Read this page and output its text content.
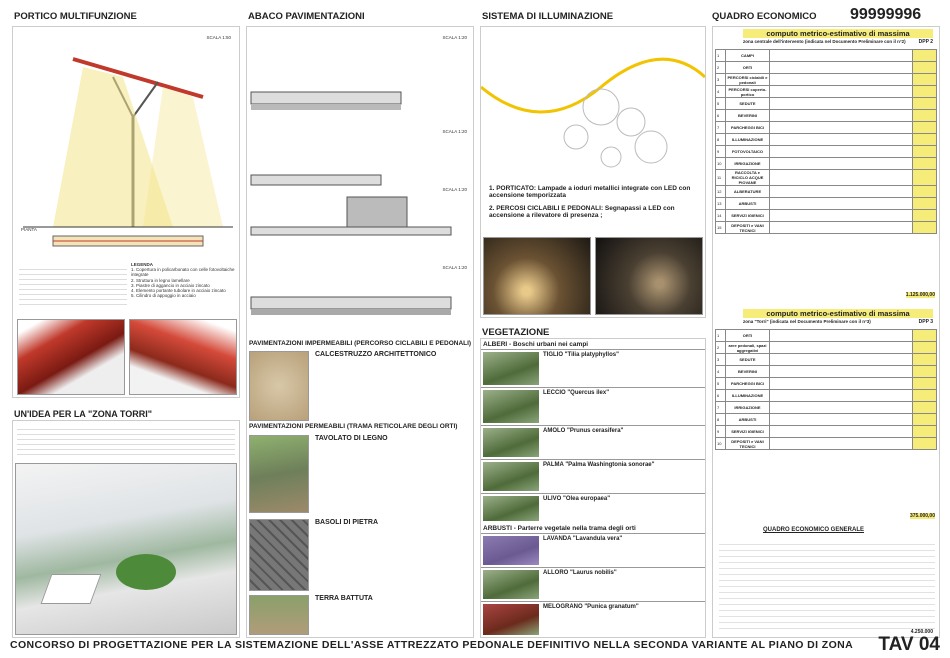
PORTICO MULTIFUNZIONE	ABACO PAVIMENTAZIONI	SISTEMA DI ILLUMINAZIONE	QUADRO ECONOMICO 99999996
SCALA 1:50
PIANTA
LEGENDA
1. Copertura in policarbonato con celle fotovoltaiche integrate
2. Struttura in legno lamellare
3. Piastre di aggancio in acciaio zincato
4. Elemento portante tubolare in acciaio zincato
5. Cilindro di appoggio in acciaio
UN'IDEA PER LA "ZONA TORRI"
SCALA 1:20
SCALA 1:20
SCALA 1:20
SCALA 1:20
PAVIMENTAZIONI IMPERMEABILI (PERCORSO CICLABILI E PEDONALI)
CALCESTRUZZO ARCHITETTONICO
PAVIMENTAZIONI PERMEABILI (TRAMA RETICOLARE DEGLI ORTI)
TAVOLATO DI LEGNO
BASOLI DI PIETRA
TERRA BATTUTA
1. PORTICATO: Lampade a ioduri metallici integrate con LED con accensione temporizzata
2. PERCOSI CICLABILI E PEDONALI: Segnapassi a LED con accensione a rilevatore di presenza ;
VEGETAZIONE
ALBERI - Boschi urbani nei campi
TIGLIO "Tilia platyphyllos"
LECCIO "Quercus ilex"
AMOLO "Prunus cerasifera"
PALMA "Palma Washingtonia sonorae"
ULIVO "Olea europaea"
ARBUSTI - Parterre vegetale nella trama degli orti
LAVANDA "Lavandula vera"
ALLORO "Laurus nobilis"
MELOGRANO "Punica granatum"
computo metrico-estimativo di massima
zona centrale dell'intervento (indicata nel Documento Preliminare con il n°2)	DPP 2
1	CAMPI		
2	ORTI		
3	PERCORSI ciclabili e pedonali		
4	PERCORSI coperto-portico		
5	SEDUTE		
6	BEVERINI		
7	PARCHEGGI BICI		
8	ILLUMINAZIONE		
9	FOTOVOLTAICO		
10	IRRIGAZIONE		
11	RACCOLTA e RICICLO ACQUE PIOVANE		
12	ALBERATURE		
13	ARBUSTI		
14	SERVIZI IGIENICI		
15	DEPOSITI e VANI TECNICI		
1.125.000,00
computo metrico-estimativo di massima
zona "Torri" (indicata nel Documento Preliminare con il n°3)	DPP 3
1	ORTI		
2	aree pedonali, spazi aggregativi		
3	SEDUTE		
4	BEVERINI		
5	PARCHEGGI BICI		
6	ILLUMINAZIONE		
7	IRRIGAZIONE		
8	ARBUSTI		
9	SERVIZI IGIENICI		
10	DEPOSITI e VANI TECNICI		
375.000,00
QUADRO ECONOMICO GENERALE
4.250.000
CONCORSO DI PROGETTAZIONE PER LA SISTEMAZIONE DELL'ASSE ATTREZZATO PEDONALE DEFINITIVO NELLA SECONDA VARIANTE AL PIANO DI ZONA TAV 04
